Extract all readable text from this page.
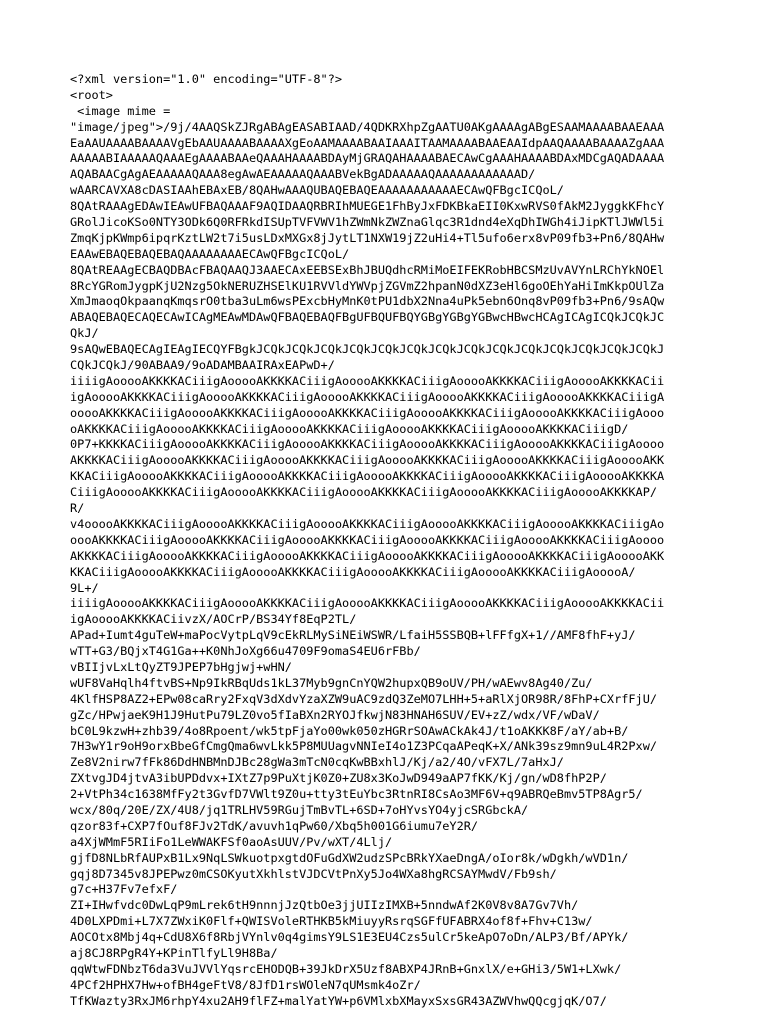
<?xml version="1.0" encoding="UTF-8"?>
<root>
<image mime =
"image/jpeg">/9j/4AAQSkZJRgABAgEASABIAAD/4QDKRXhpZgAATU0AKgAAAAgABgESAAMAAAABAAEAAA
EaAAUAAAABAAAAVgEbAAUAAAABAAAAXgEoAAMAAAABAAIAAAITAAMAAAABAAEAAIdpAAQAAAABAAAAZgAAA
AAAAABIAAAAAQAAAEgAAAABAAeQAAAHAAAABDAyMjGRAQAHAAAABAECAwCgAAAHAAAABDAxMDCgAQADAAAA
AQABAACgAgAEAAAAAQAAA8egAwAEAAAAAQAAABVekBgADAAAAAQAAAAAAAAAAAAD/
wAARCAVXA8cDASIAAhEBAxEB/8QAHwAAAQUBAQEBAQEAAAAAAAAAAAECAwQFBgcICQoL/
8QAtRAAAgEDAwIEAwUFBAQAAAF9AQIDAAQRBRIhMUEGE1FhByJxFDKBkaEII0KxwRVS0fAkM2JyggkKFhcY
GRolJicoKSo0NTY3ODk6Q0RFRkdISUpTVFVWV1hZWmNkZWZnaGlqc3R1dnd4eXqDhIWGh4iJipKTlJWWl5i
ZmqKjpKWmp6ipqrKztLW2t7i5usLDxMXGx8jJytLT1NXW19jZ2uHi4+Tl5ufo6erx8vP09fb3+Pn6/8QAHw
EAAwEBAQEBAQEBAQAAAAAAAAECAwQFBgcICQoL/
8QAtREAAgECBAQDBAcFBAQAAQJ3AAECAxEEBSExBhJBUQdhcRMiMoEIFEKRobHBCSMzUvAVYnLRChYkNOEl
8RcYGRomJygpKjU2Nzg5OkNERUZHSElKU1RVVldYWVpjZGVmZ2hpanN0dXZ3eHl6goOEhYaHiImKkpOUlZa
XmJmaoqOkpaanqKmqsrO0tba3uLm6wsPExcbHyMnK0tPU1dbX2Nna4uPk5ebn6Onq8vP09fb3+Pn6/9sAQw
ABAQEBAQECAQECAwICAgMEAwMDAwQFBAQEBAQFBgUFBQUFBQYGBgYGBgYGBwcHBwcHCAgICAgICQkJCQkJC
QkJ/
9sAQwEBAQECAgIEAgIECQYFBgkJCQkJCQkJCQkJCQkJCQkJCQkJCQkJCQkJCQkJCQkJCQkJCQkJCQkJCQkJ
CQkJCQkJ/90ABAA9/9oADAMBAAIRAxEAPwD+/
iiiigAooooAKKKKACiiigAooooAKKKKACiiigAooooAKKKKACiiigAooooAKKKKACiiigAooooAKKKKACii
igAooooAKKKKACiiigAooooAKKKKACiiigAooooAKKKKACiiigAooooAKKKKACiiigAooooAKKKKACiiigA
ooooAKKKKACiiigAooooAKKKKACiiigAooooAKKKKACiiigAooooAKKKKACiiigAooooAKKKKACiiigAooo
oAKKKKACiiigAooooAKKKKACiiigAooooAKKKKACiiigAooooAKKKKACiiigAooooAKKKKACiiigD/
0P7+KKKKACiiigAooooAKKKKACiiigAooooAKKKKACiiigAooooAKKKKACiiigAooooAKKKKACiiigAoooo
AKKKKACiiigAooooAKKKKACiiigAooooAKKKKACiiigAooooAKKKKACiiigAooooAKKKKACiiigAooooAKK
KKACiiigAooooAKKKKACiiigAooooAKKKKACiiigAooooAKKKKACiiigAooooAKKKKACiiigAooooAKKKKA
CiiigAooooAKKKKACiiigAooooAKKKKACiiigAooooAKKKKACiiigAooooAKKKKACiiigAooooAKKKKAP/
R/
v4ooooAKKKKACiiigAooooAKKKKACiiigAooooAKKKKACiiigAooooAKKKKACiiigAooooAKKKKACiiigAo
oooAKKKKACiiigAooooAKKKKACiiigAooooAKKKKACiiigAooooAKKKKACiiigAooooAKKKKACiiigAoooo
AKKKKACiiigAooooAKKKKACiiigAooooAKKKKACiiigAooooAKKKKACiiigAooooAKKKKACiiigAooooAKK
KKACiiigAooooAKKKKACiiigAooooAKKKKACiiigAooooAKKKKACiiigAooooAKKKKACiiigAooooA/
9L+/
iiiigAooooAKKKKACiiigAooooAKKKKACiiigAooooAKKKKACiiigAooooAKKKKACiiigAooooAKKKKACii
igAooooAKKKKACiivzX/AOCrP/BS34Yf8EqP2TL/
APad+Iumt4guTeW+maPocVytpLqV9cEkRLMySiNEiWSWR/LfaiH5SSBQB+lFFfgX+1//AMF8fhF+yJ/
wTT+G3/BQjxT4G1Ga++K0NhJoXg66u4709F9omaS4EU6rFBb/
vBIIjvLxLtQyZT9JPEP7bHgjwj+wHN/
wUF8VaHqlh4ftvBS+Np9IkRBqUds1kL37Myb9gnCnYQW2hupxQB9oUV/PH/wAEwv8Ag40/Zu/
4KlfHSP8AZ2+EPw08caRry2FxqV3dXdvYzaXZW9uAC9zdQ3ZeMO7LHH+5+aRlXjOR98R/8FhP+CXrfFjU/
gZc/HPwjaeK9H1J9HutPu79LZ0vo5fIaBXn2RYOJfkwjN83HNAH6SUV/EV+zZ/wdx/VF/wDaV/
bC0L9kzwH+zhb39/4o8Rpoent/wk5tpFjaYo00wk050zHGRrSOAwACkAk4J/t1oAKKK8F/aY/ab+B/
7H3wY1r9oH9orxBbeGfCmgQma6wvLkk5P8MUUagvNNIeI4o1Z3PCqaAPeqK+X/ANk39sz9mn9uL4R2Pxw/
Ze8V2nirw7fFk86DdHNBMnDJBc28gWa3mTcN0cqKwBBxhlJ/Kj/a2/4O/vFX7L/7aHxJ/
ZXtvgJD4jtvA3ibUPDdvx+IXtZ7p9PuXtjK0Z0+ZU8x3KoJwD949aAP7fKK/Kj/gn/wD8fhP2P/
2+VtPh34c1638MfFy2t3GvfD7VWlt9Z0u+tty3tEuYbc3RtnRI8CsAo3MF6V+q9ABRQeBmv5TP8Agr5/
wcx/80q/20E/ZX/4U8/jq1TRLHV59RGujTmBvTL+6SD+7oHYvsYO4yjcSRGbckA/
qzor83f+CXP7fOuf8FJv2TdK/avuvh1qPw60/Xbq5h001G6iumu7eY2R/
a4XjWMmF5RIiFo1LeWWAKFSf0aoAsUUV/Pv/wXT/4Llj/
gjfD8NLbRfAUPxB1Lx9NqLSWkuotpxgtdOFuGdXW2udzSPcBRkYXaeDngA/oIor8k/wDgkh/wVD1n/
gqj8D7345v8JPEPwz0mCSOKyutXkhlstVJDCVtPnXy5Jo4WXa8hgRCSAYMwdV/Fb9sh/
g7c+H37Fv7efxF/
ZI+IHwfvdc0DwLqP9mLrek6tH9nnnjJzQtbOe3jjUIIzIMXB+5nndwAf2K0V8v8A7Gv7Vh/
4D0LXPDmi+L7X7ZWxiK0Flf+QWISVoleRTHKB5kMiuyyRsrqSGFfUFABRX4of8f+Fhv+C13w/
AOCOtx8Mbj4q+CdU8X6f8RbjVYnlv0q4gimsY9LS1E3EU4Czs5ulCr5keApO7oDn/ALP3/Bf/APYk/
aj8CJ8RPgR4Y+KPinTlfyLl9H8Ba/
qqWtwFDNbzT6da3VuJVVlYqsrcEHODQB+39JkDrX5Uzf8ABXP4JRnB+GnxlX/e+GHi3/5W1+LXwk/
4PCf2HPHX7Hw+ofBH4geFtV8/8JfD1rsWOleN7qUMsmk4oZr/
TfKWazty3RxJM6rhpY4xu2AH9flFZ+malYatYW+p6VMlxbXMayxSxsGR43AZWVhwQQcgjqK/O7/
